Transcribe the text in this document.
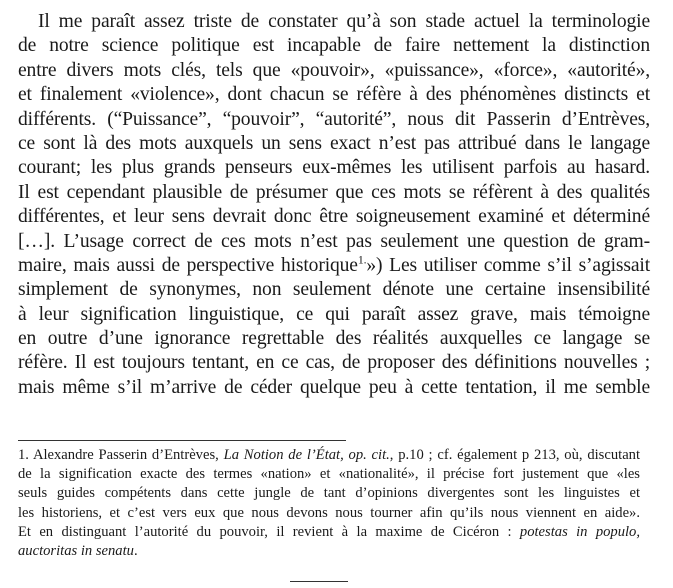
Il me paraît assez triste de constater qu’à son stade actuel la terminologie
de notre science politique est incapable de faire nettement la distinction
entre divers mots clés, tels que «pouvoir», «puissance», «force», «autorité»,
et finalement «violence», dont chacun se réfère à des phénomènes distincts et
différents. (“Puissance”, “pouvoir”, “autorité”, nous dit Passerin d’Entrèves,
ce sont là des mots auxquels un sens exact n’est pas attribué dans le langage
courant; les plus grands penseurs eux-mêmes les utilisent parfois au hasard.
Il est cependant plausible de présumer que ces mots se réfèrent à des qualités
différentes, et leur sens devrait donc être soigneusement examiné et déterminé
[…]. L’usage correct de ces mots n’est pas seulement une question de gram-
maire, mais aussi de perspective historique$^{1.}$») Les utiliser comme s’il s’agissait
simplement de synonymes, non seulement dénote une certaine insensibilité
à leur signification linguistique, ce qui paraît assez grave, mais témoigne
en outre d’une ignorance regrettable des réalités auxquelles ce langage se
réfère. Il est toujours tentant, en ce cas, de proposer des définitions nouvelles ;
mais même s’il m’arrive de céder quelque peu à cette tentation, il me semble
1. Alexandre Passerin d’Entrèves, La Notion de l’État, op. cit., p.10 ; cf. également p 213, où, discutant
de la signification exacte des termes «nation» et «nationalité», il précise fort justement que «les
seuls guides compétents dans cette jungle de tant d’opinions divergentes sont les linguistes et
les historiens, et c’est vers eux que nous devons nous tourner afin qu’ils nous viennent en aide».
Et en distinguant l’autorité du pouvoir, il revient à la maxime de Cicéron : potestas in populo,
auctoritas in senatu.
